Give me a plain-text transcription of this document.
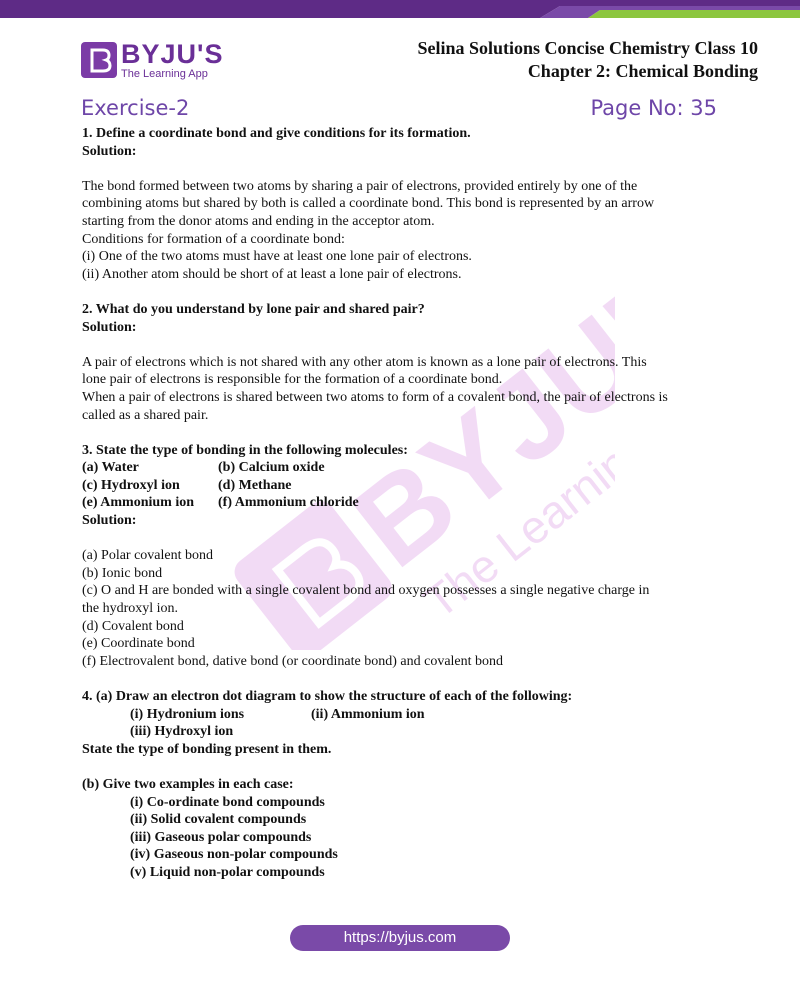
BYJU'S
The Learning App
Selina Solutions Concise Chemistry Class 10
Chapter 2: Chemical Bonding
Exercise-2	Page No: 35
BYJU'S
The Learning

1. Define a coordinate bond and give conditions for its formation.

Solution:

The bond formed between two atoms by sharing a pair of electrons, provided entirely by one of the

combining atoms but shared by both is called a coordinate bond. This bond is represented by an arrow

starting from the donor atoms and ending in the acceptor atom.

Conditions for formation of a coordinate bond:

(i) One of the two atoms must have at least one lone pair of electrons.

(ii) Another atom should be short of at least a lone pair of electrons.

2. What do you understand by lone pair and shared pair?

Solution:

A pair of electrons which is not shared with any other atom is known as a lone pair of electrons. This

lone pair of electrons is responsible for the formation of a coordinate bond.

When a pair of electrons is shared between two atoms to form of a covalent bond, the pair of electrons is

called as a shared pair.

3. State the type of bonding in the following molecules:

(a) Water	(b) Calcium oxide
(c) Hydroxyl ion	(d) Methane
(e) Ammonium ion	(f) Ammonium chloride

Solution:

(a) Polar covalent bond

(b) Ionic bond

(c) O and H are bonded with a single covalent bond and oxygen possesses a single negative charge in

the hydroxyl ion.

(d) Covalent bond

(e) Coordinate bond

(f) Electrovalent bond, dative bond (or coordinate bond) and covalent bond

4. (a) Draw an electron dot diagram to show the structure of each of the following:

(i) Hydronium ions	(ii) Ammonium ion
(iii) Hydroxyl ion

State the type of bonding present in them.

(b) Give two examples in each case:

(i) Co-ordinate bond compounds

(ii) Solid covalent compounds

(iii) Gaseous polar compounds

(iv) Gaseous non-polar compounds

(v) Liquid non-polar compounds

https://byjus.com
